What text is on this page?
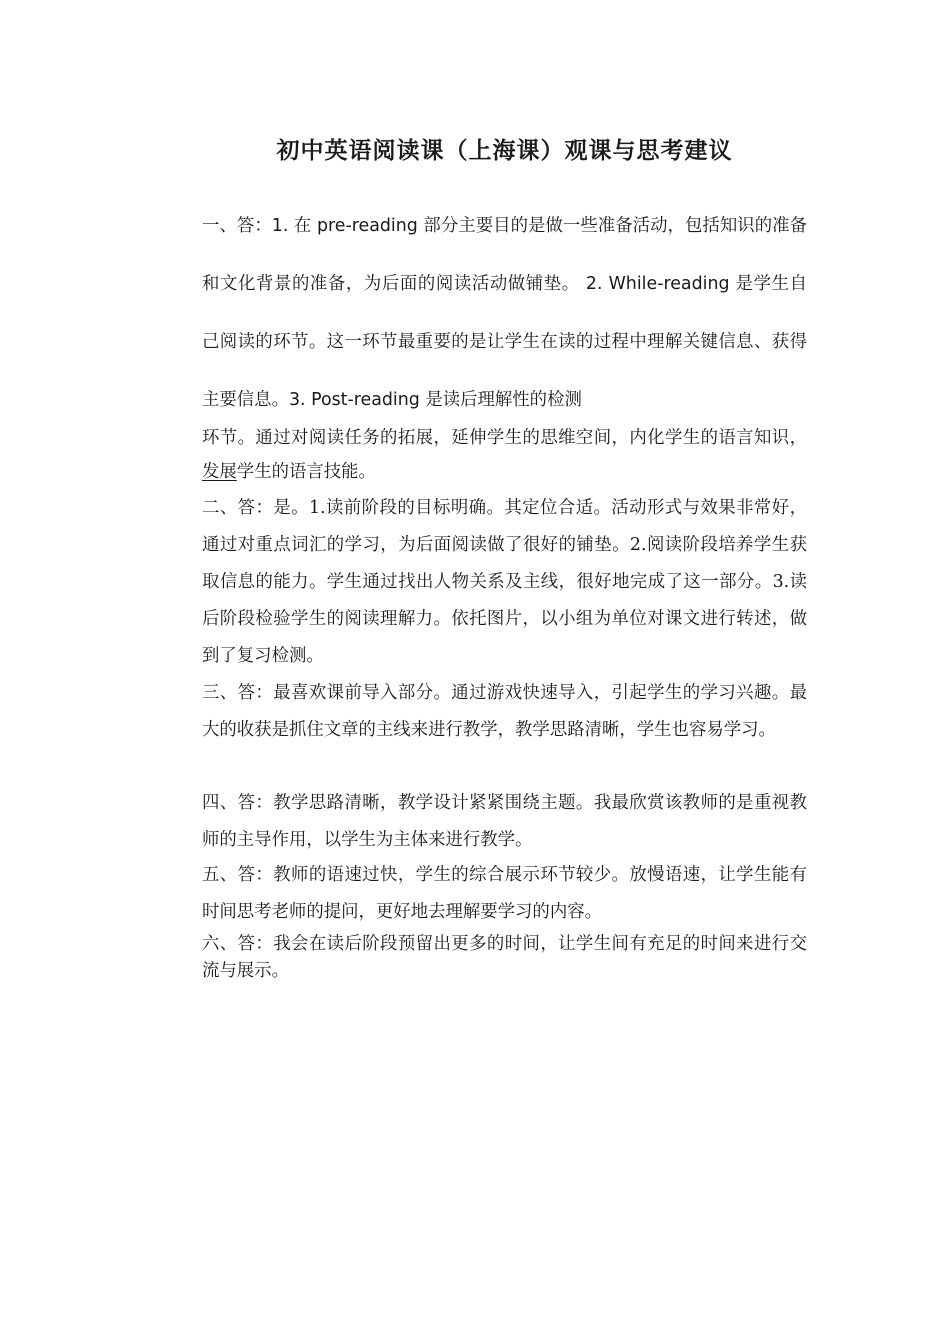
初中英语阅读课（上海课）观课与思考建议

一、答：1. 在 pre-reading 部分主要目的是做一些准备活动，包括知识的准备和文化背景的准备，为后面的阅读活动做铺垫。 2. While-reading 是学生自己阅读的环节。这一环节最重要的是让学生在读的过程中理解关键信息、获得主要信息。3. Post-reading 是读后理解性的检测
环节。通过对阅读任务的拓展，延伸学生的思维空间，内化学生的语言知识，发展学生的语言技能。

二、答：是。1.读前阶段的目标明确。其定位合适。活动形式与效果非常好，通过对重点词汇的学习，为后面阅读做了很好的铺垫。2.阅读阶段培养学生获取信息的能力。学生通过找出人物关系及主线，很好地完成了这一部分。3.读后阶段检验学生的阅读理解力。依托图片，以小组为单位对课文进行转述，做到了复习检测。

三、答：最喜欢课前导入部分。通过游戏快速导入，引起学生的学习兴趣。最大的收获是抓住文章的主线来进行教学，教学思路清晰，学生也容易学习。

四、答：教学思路清晰，教学设计紧紧围绕主题。我最欣赏该教师的是重视教师的主导作用，以学生为主体来进行教学。

五、答：教师的语速过快，学生的综合展示环节较少。放慢语速，让学生能有时间思考老师的提问，更好地去理解要学习的内容。

六、答：我会在读后阶段预留出更多的时间，让学生间有充足的时间来进行交流与展示。
